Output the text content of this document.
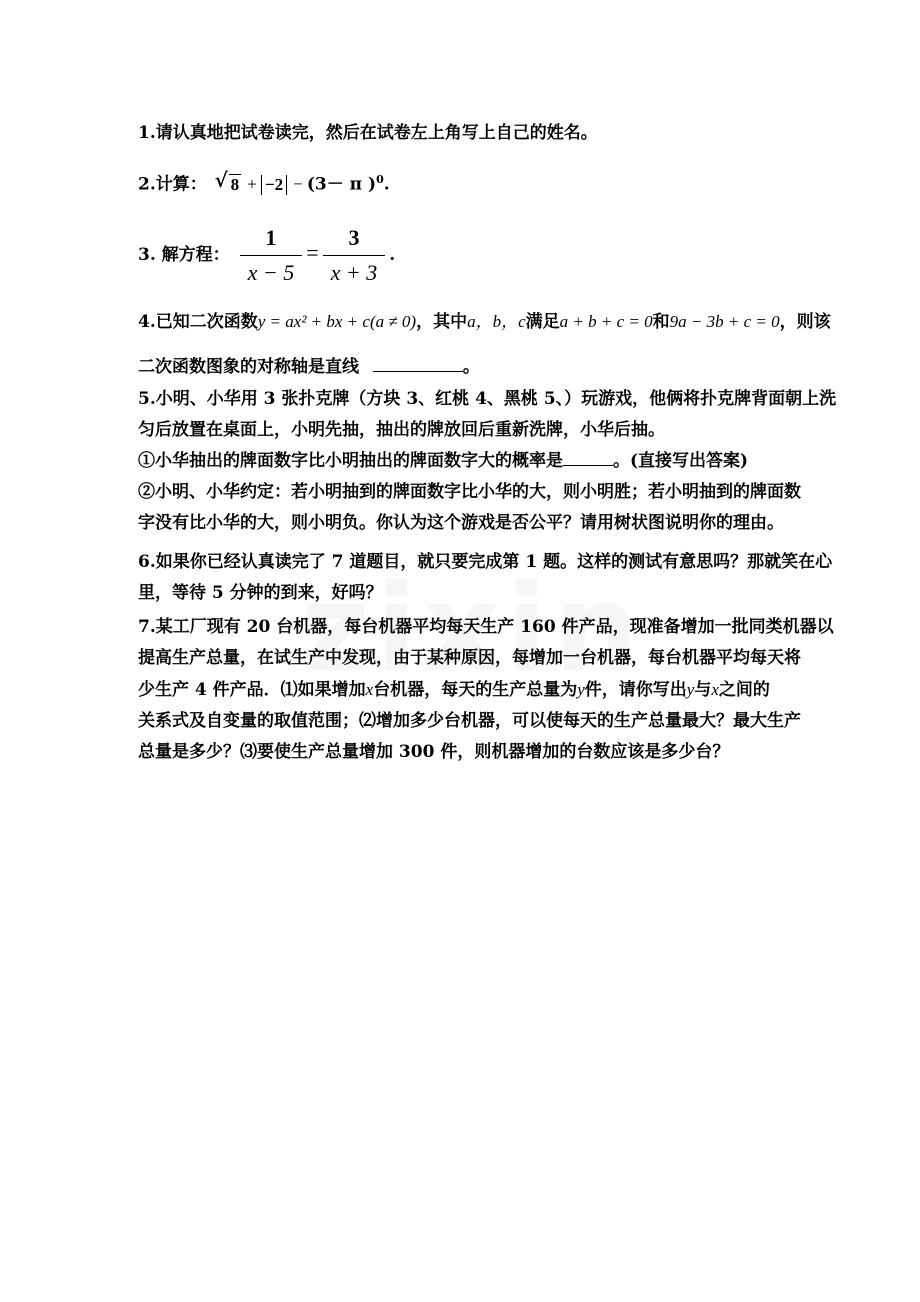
1.请认真地把试卷读完，然后在试卷左上角写上自己的姓名。
2.计算： √ 8 + −2 − (3－ π )$^0$.
3. 解方程： $\frac{1}{x - 5} = \frac{3}{x + 3}$ .
4.已知二次函数y = ax² + bx + c(a ≠ 0)，其中a，b，c满足a + b + c = 0和9a − 3b + c = 0，则该
二次函数图象的对称轴是直线	。
5.小明、小华用 3 张扑克牌（方块 3、红桃 4、黑桃 5、）玩游戏，他俩将扑克牌背面朝上洗
匀后放置在桌面上，小明先抽，抽出的牌放回后重新洗牌，小华后抽。
①小华抽出的牌面数字比小明抽出的牌面数字大的概率是	。(直接写出答案)
②小明、小华约定：若小明抽到的牌面数字比小华的大，则小明胜；若小明抽到的牌面数
字没有比小华的大，则小明负。你认为这个游戏是否公平？请用树状图说明你的理由。
6.如果你已经认真读完了 7 道题目，就只要完成第 1 题。这样的测试有意思吗？那就笑在心
里，等待 5 分钟的到来，好吗？
7.某工厂现有 20 台机器，每台机器平均每天生产 160 件产品，现准备增加一批同类机器以
提高生产总量，在试生产中发现，由于某种原因，每增加一台机器，每台机器平均每天将
少生产 4 件产品．⑴如果增加x台机器，每天的生产总量为y件，请你写出y与x之间的
关系式及自变量的取值范围；⑵增加多少台机器，可以使每天的生产总量最大？最大生产
总量是多少？⑶要使生产总量增加 300 件，则机器增加的台数应该是多少台？
